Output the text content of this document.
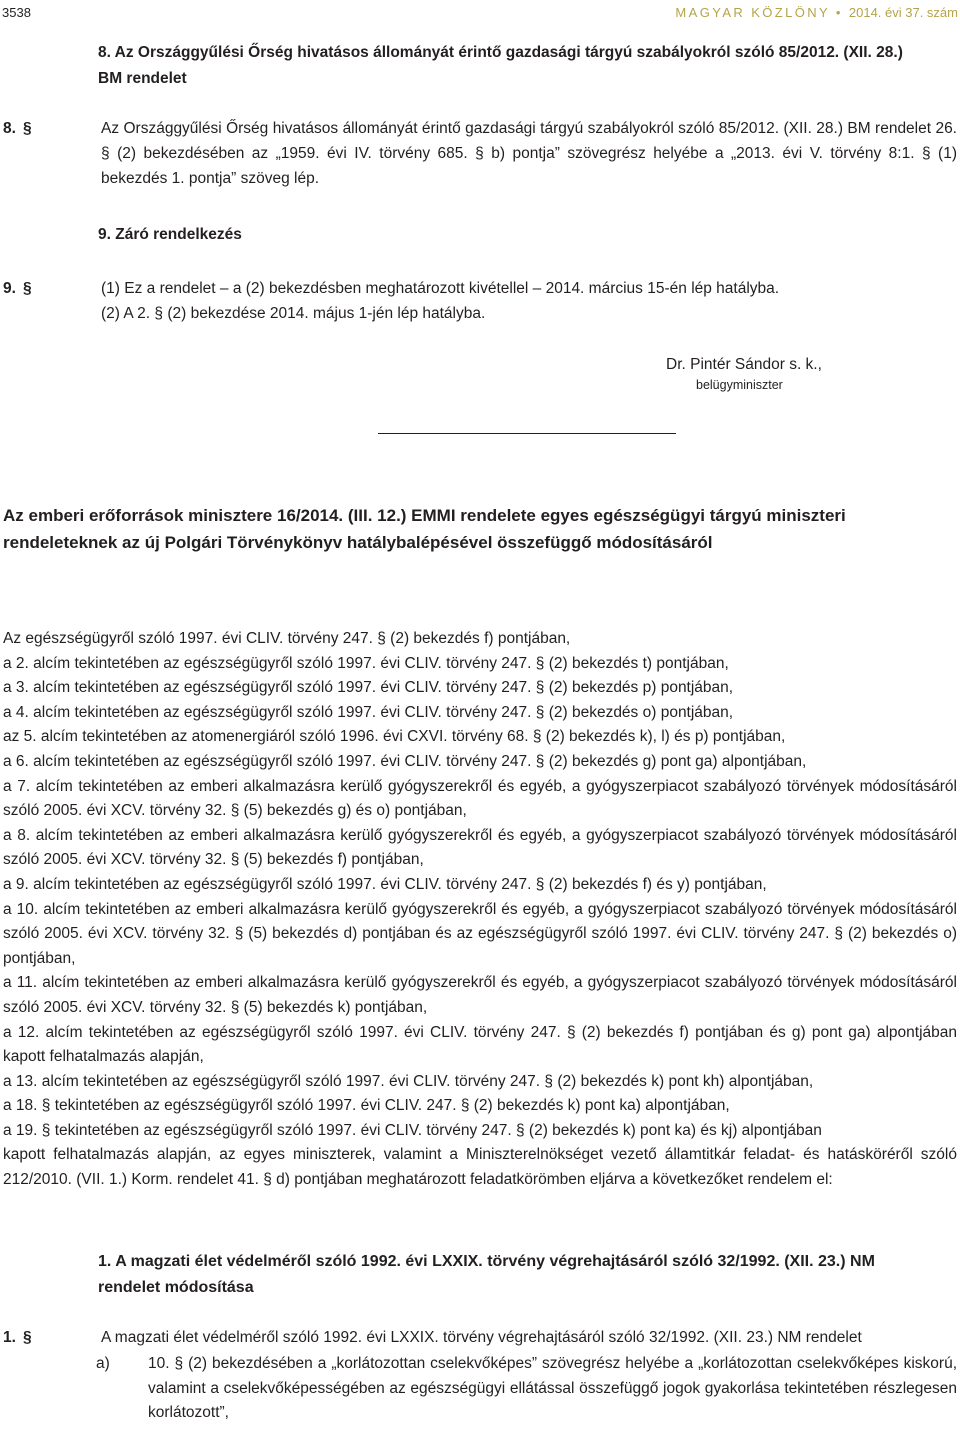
3538	MAGYAR KÖZLÖNY • 2014. évi 37. szám
8. Az Országgyűlési Őrség hivatásos állományát érintő gazdasági tárgyú szabályokról szóló 85/2012. (XII. 28.) BM rendelet
8. §	Az Országgyűlési Őrség hivatásos állományát érintő gazdasági tárgyú szabályokról szóló 85/2012. (XII. 28.) BM rendelet 26. § (2) bekezdésében az „1959. évi IV. törvény 685. § b) pontja” szövegrész helyébe a „2013. évi V. törvény 8:1. § (1) bekezdés 1. pontja” szöveg lép.
9. Záró rendelkezés
9. §	(1) Ez a rendelet – a (2) bekezdésben meghatározott kivétellel – 2014. március 15-én lép hatályba.
(2) A 2. § (2) bekezdése 2014. május 1-jén lép hatályba.
Dr. Pintér Sándor s. k.,
belügyminiszter
Az emberi erőforrások minisztere 16/2014. (III. 12.) EMMI rendelete egyes egészségügyi tárgyú miniszteri rendeleteknek az új Polgári Törvénykönyv hatálybalépésével összefüggő módosításáról

Az egészségügyről szóló 1997. évi CLIV. törvény 247. § (2) bekezdés f) pontjában,

a 2. alcím tekintetében az egészségügyről szóló 1997. évi CLIV. törvény 247. § (2) bekezdés t) pontjában,

a 3. alcím tekintetében az egészségügyről szóló 1997. évi CLIV. törvény 247. § (2) bekezdés p) pontjában,

a 4. alcím tekintetében az egészségügyről szóló 1997. évi CLIV. törvény 247. § (2) bekezdés o) pontjában,

az 5. alcím tekintetében az atomenergiáról szóló 1996. évi CXVI. törvény 68. § (2) bekezdés k), l) és p) pontjában,

a 6. alcím tekintetében az egészségügyről szóló 1997. évi CLIV. törvény 247. § (2) bekezdés g) pont ga) alpontjában,

a 7. alcím tekintetében az emberi alkalmazásra kerülő gyógyszerekről és egyéb, a gyógyszerpiacot szabályozó törvények módosításáról szóló 2005. évi XCV. törvény 32. § (5) bekezdés g) és o) pontjában,

a 8. alcím tekintetében az emberi alkalmazásra kerülő gyógyszerekről és egyéb, a gyógyszerpiacot szabályozó törvények módosításáról szóló 2005. évi XCV. törvény 32. § (5) bekezdés f) pontjában,

a 9. alcím tekintetében az egészségügyről szóló 1997. évi CLIV. törvény 247. § (2) bekezdés f) és y) pontjában,

a 10. alcím tekintetében az emberi alkalmazásra kerülő gyógyszerekről és egyéb, a gyógyszerpiacot szabályozó törvények módosításáról szóló 2005. évi XCV. törvény 32. § (5) bekezdés d) pontjában és az egészségügyről szóló 1997. évi CLIV. törvény 247. § (2) bekezdés o) pontjában,

a 11. alcím tekintetében az emberi alkalmazásra kerülő gyógyszerekről és egyéb, a gyógyszerpiacot szabályozó törvények módosításáról szóló 2005. évi XCV. törvény 32. § (5) bekezdés k) pontjában,

a 12. alcím tekintetében az egészségügyről szóló 1997. évi CLIV. törvény 247. § (2) bekezdés f) pontjában és g) pont ga) alpontjában kapott felhatalmazás alapján,

a 13. alcím tekintetében az egészségügyről szóló 1997. évi CLIV. törvény 247. § (2) bekezdés k) pont kh) alpontjában,

a 18. § tekintetében az egészségügyről szóló 1997. évi CLIV. 247. § (2) bekezdés k) pont ka) alpontjában,

a 19. § tekintetében az egészségügyről szóló 1997. évi CLIV. törvény 247. § (2) bekezdés k) pont ka) és kj) alpontjában

kapott felhatalmazás alapján, az egyes miniszterek, valamint a Miniszterelnökséget vezető államtitkár feladat- és hatásköréről szóló 212/2010. (VII. 1.) Korm. rendelet 41. § d) pontjában meghatározott feladatkörömben eljárva a következőket rendelem el:

1. A magzati élet védelméről szóló 1992. évi LXXIX. törvény végrehajtásáról szóló 32/1992. (XII. 23.) NM rendelet módosítása
1. §	A magzati élet védelméről szóló 1992. évi LXXIX. törvény végrehajtásáról szóló 32/1992. (XII. 23.) NM rendelet
a) 10. § (2) bekezdésében a „korlátozottan cselekvőképes” szövegrész helyébe a „korlátozottan cselekvőképes kiskorú, valamint a cselekvőképességében az egészségügyi ellátással összefüggő jogok gyakorlása tekintetében részlegesen korlátozott”,
